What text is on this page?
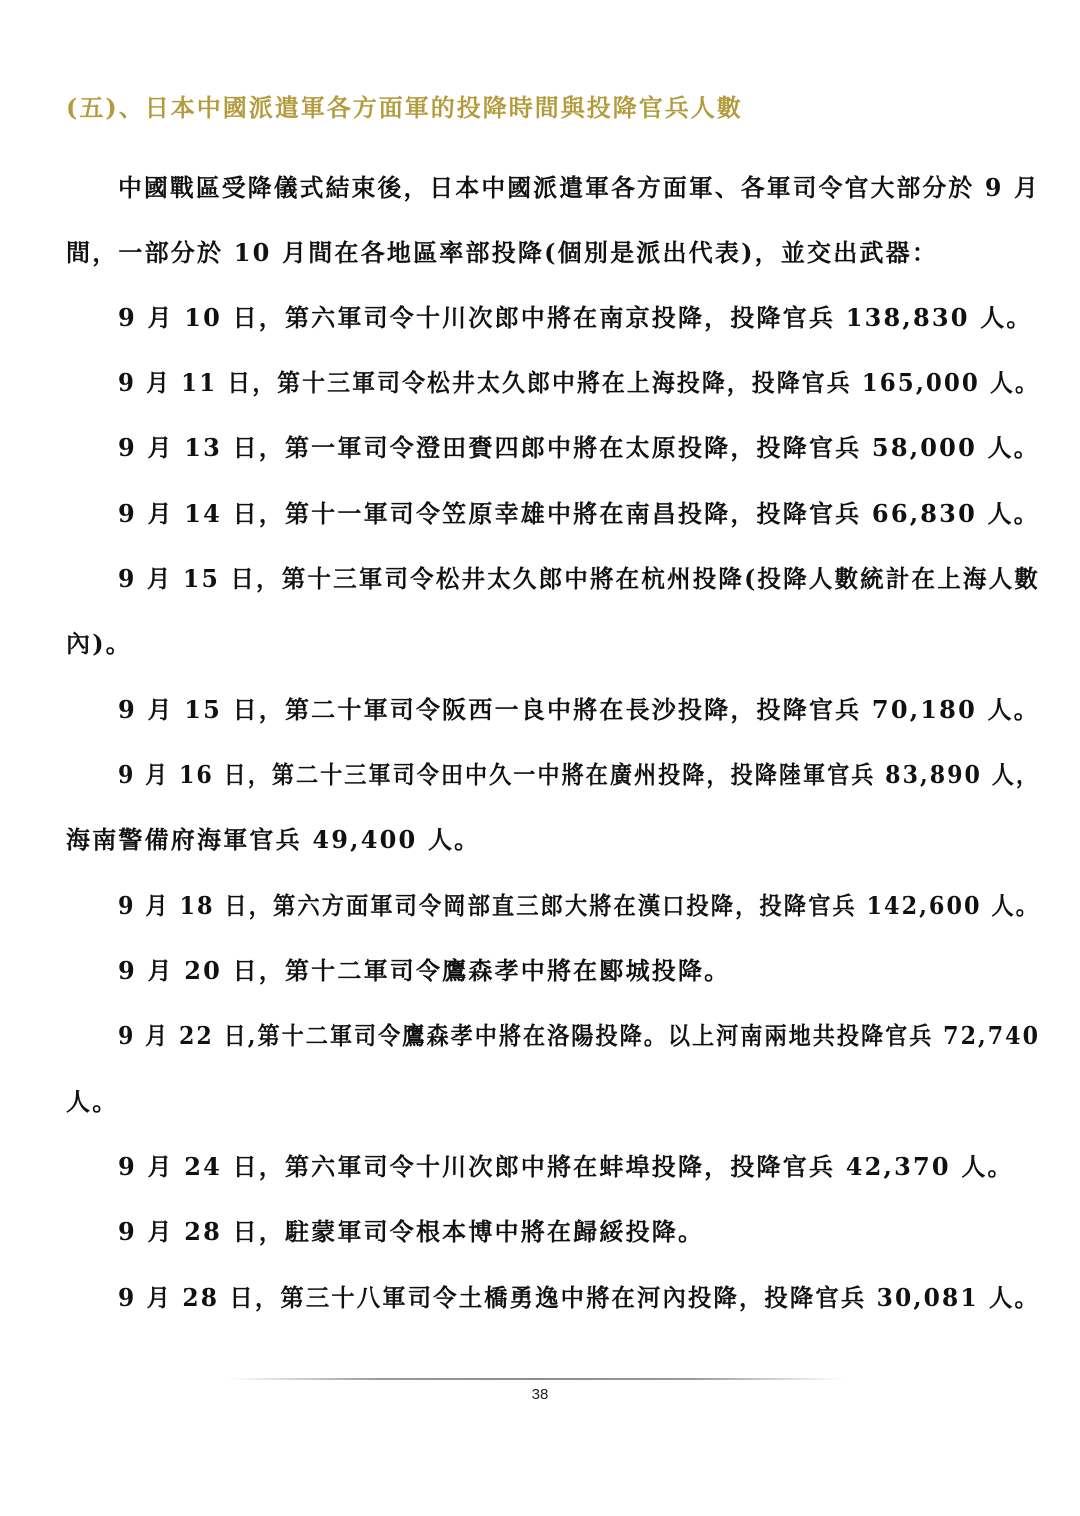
(五)、日本中國派遣軍各方面軍的投降時間與投降官兵人數
中國戰區受降儀式結束後，日本中國派遣軍各方面軍、各軍司令官大部分於 9 月
間，一部分於 10 月間在各地區率部投降(個別是派出代表)，並交出武器：
9 月 10 日，第六軍司令十川次郎中將在南京投降，投降官兵 138,830 人。
9 月 11 日，第十三軍司令松井太久郎中將在上海投降，投降官兵 165,000 人。
9 月 13 日，第一軍司令澄田賚四郎中將在太原投降，投降官兵 58,000 人。
9 月 14 日，第十一軍司令笠原幸雄中將在南昌投降，投降官兵 66,830 人。
9 月 15 日，第十三軍司令松井太久郎中將在杭州投降(投降人數統計在上海人數
內)。
9 月 15 日，第二十軍司令阪西一良中將在長沙投降，投降官兵 70,180 人。
9 月 16 日，第二十三軍司令田中久一中將在廣州投降，投降陸軍官兵 83,890 人，
海南警備府海軍官兵 49,400 人。
9 月 18 日，第六方面軍司令岡部直三郎大將在漢口投降，投降官兵 142,600 人。
9 月 20 日，第十二軍司令鷹森孝中將在郾城投降。
9 月 22 日,第十二軍司令鷹森孝中將在洛陽投降。以上河南兩地共投降官兵 72,740
人。
9 月 24 日，第六軍司令十川次郎中將在蚌埠投降，投降官兵 42,370 人。
9 月 28 日，駐蒙軍司令根本博中將在歸綏投降。
9 月 28 日，第三十八軍司令土橋勇逸中將在河內投降，投降官兵 30,081 人。
38
